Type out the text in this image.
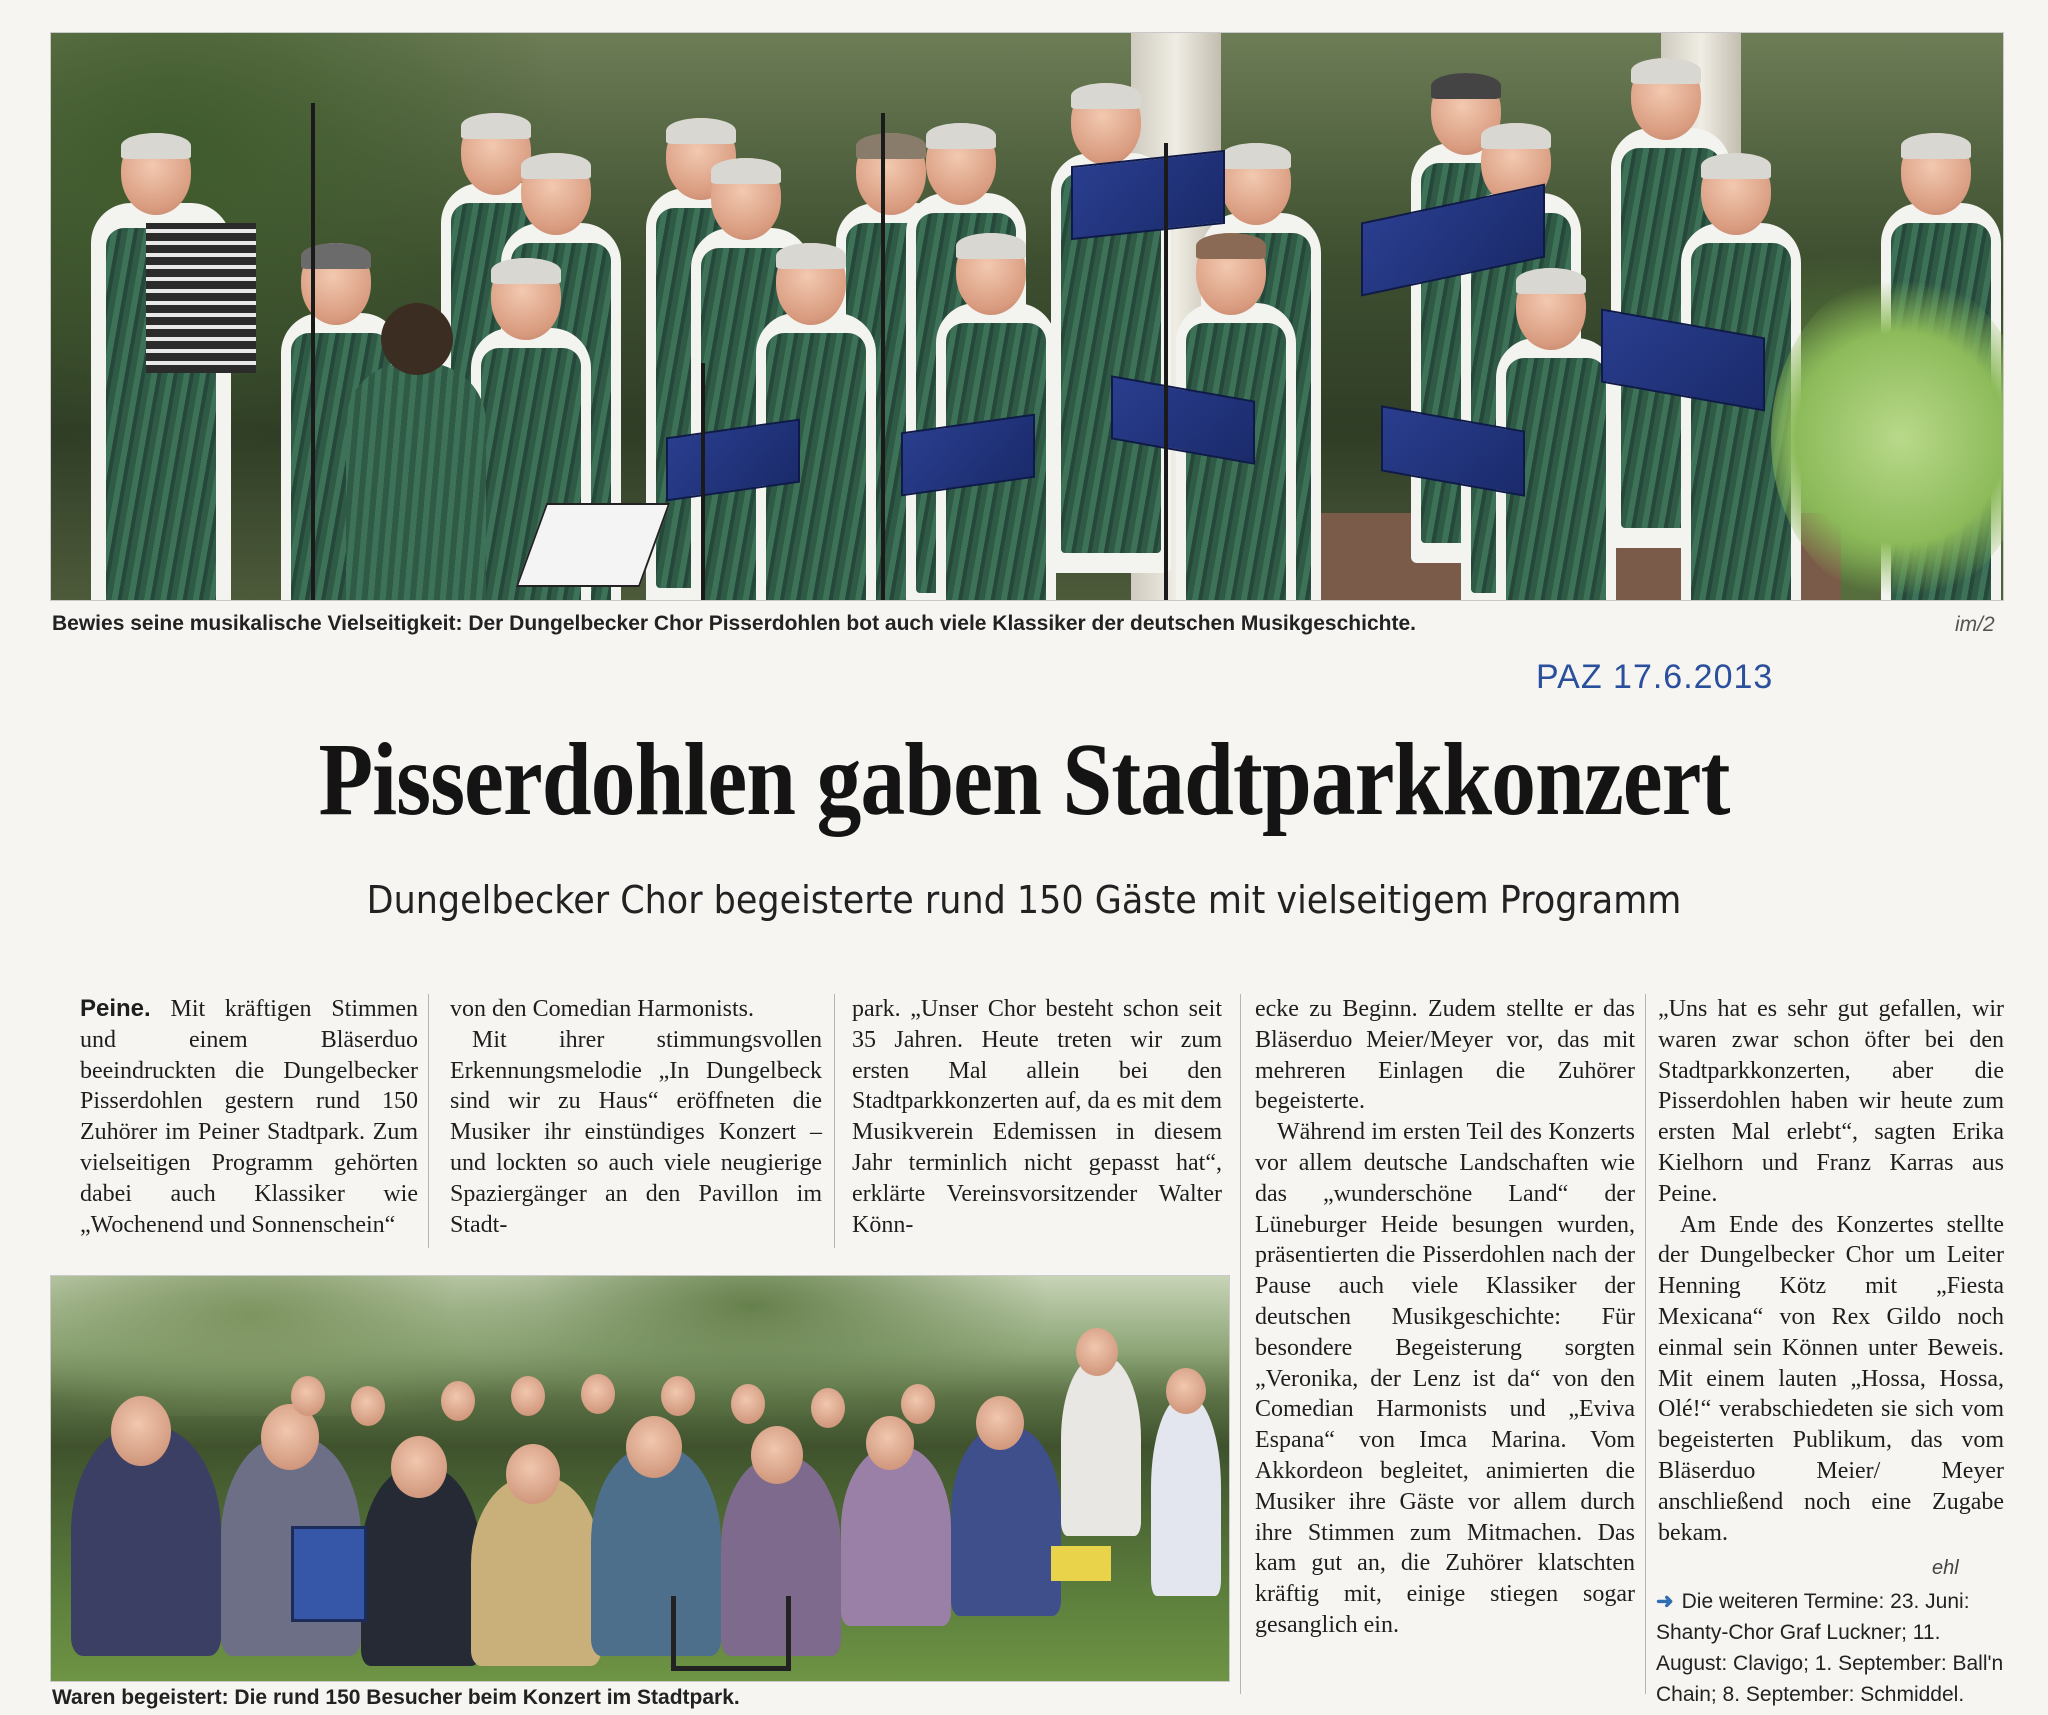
Bewies seine musikalische Vielseitigkeit: Der Dungelbecker Chor Pisserdohlen bot auch viele Klassiker der deutschen Musikgeschichte.	im/2
PAZ 17.6.2013
Pisserdohlen gaben Stadtparkkonzert
Dungelbecker Chor begeisterte rund 150 Gäste mit vielseitigem Programm

Peine. Mit kräftigen Stimmen und einem Bläserduo beeindruckten die Dungelbecker Pisserdohlen gestern rund 150 Zuhörer im Peiner Stadtpark. Zum vielseitigen Programm gehörten dabei auch Klassiker wie „Wochenend und Sonnenschein“

von den Comedian Harmonists.

Mit ihrer stimmungsvollen Erkennungsmelodie „In Dungelbeck sind wir zu Haus“ eröffneten die Musiker ihr einstündiges Konzert – und lockten so auch viele neugierige Spaziergänger an den Pavillon im Stadt-

park. „Unser Chor besteht schon seit 35 Jahren. Heute treten wir zum ersten Mal allein bei den Stadtparkkonzerten auf, da es mit dem Musikverein Edemissen in diesem Jahr terminlich nicht gepasst hat“, erklärte Vereinsvorsitzender Walter Könn-

ecke zu Beginn. Zudem stellte er das Bläserduo Meier/Meyer vor, das mit mehreren Einlagen die Zuhörer begeisterte.

Während im ersten Teil des Konzerts vor allem deutsche Landschaften wie das „wunderschöne Land“ der Lüneburger Heide besungen wurden, präsentierten die Pisserdohlen nach der Pause auch viele Klassiker der deutschen Musikgeschichte: Für besondere Begeisterung sorgten „Veronika, der Lenz ist da“ von den Comedian Harmonists und „Eviva Espana“ von Imca Marina. Vom Akkordeon begleitet, animierten die Musiker ihre Gäste vor allem durch ihre Stimmen zum Mitmachen. Das kam gut an, die Zuhörer klatschten kräftig mit, einige stiegen sogar gesanglich ein.

„Uns hat es sehr gut gefallen, wir waren zwar schon öfter bei den Stadtparkkonzerten, aber die Pisserdohlen haben wir heute zum ersten Mal erlebt“, sagten Erika Kielhorn und Franz Karras aus Peine.

Am Ende des Konzertes stellte der Dungelbecker Chor um Leiter Henning Kötz mit „Fiesta Mexicana“ von Rex Gildo noch einmal sein Können unter Beweis. Mit einem lauten „Hossa, Hossa, Olé!“ verabschiedeten sie sich vom begeisterten Publikum, das vom Bläserduo Meier/ Meyer anschließend noch eine Zugabe bekam.

ehl
➜ Die weiteren Termine: 23. Juni: Shanty-Chor Graf Luckner; 11. August: Clavigo; 1. September: Ball'n Chain; 8. September: Schmiddel.
Waren begeistert: Die rund 150 Besucher beim Konzert im Stadtpark.
